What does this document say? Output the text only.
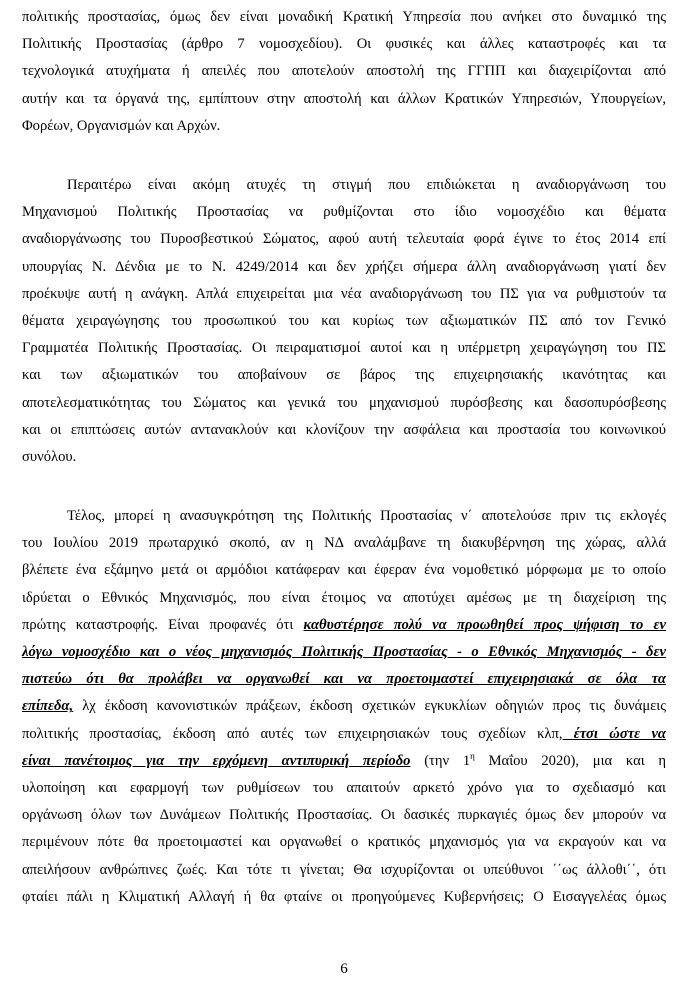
πολιτικής προστασίας, όμως δεν είναι μοναδική Κρατική Υπηρεσία που ανήκει στο δυναμικό της
Πολιτικής Προστασίας (άρθρο 7 νομοσχεδίου). Οι φυσικές και άλλες καταστροφές και τα
τεχνολογικά ατυχήματα ή απειλές που αποτελούν αποστολή της ΓΓΠΠ και διαχειρίζονται από
αυτήν και τα όργανά της, εμπίπτουν στην αποστολή και άλλων Κρατικών Υπηρεσιών, Υπουργείων,
Φορέων, Οργανισμών και Αρχών.
Περαιτέρω είναι ακόμη ατυχές τη στιγμή που επιδιώκεται η αναδιοργάνωση του
Μηχανισμού Πολιτικής Προστασίας να ρυθμίζονται στο ίδιο νομοσχέδιο και θέματα
αναδιοργάνωσης του Πυροσβεστικού Σώματος, αφού αυτή τελευταία φορά έγινε το έτος 2014 επί
υπουργίας Ν. Δένδια με το Ν. 4249/2014 και δεν χρήζει σήμερα άλλη αναδιοργάνωση γιατί δεν
προέκυψε αυτή η ανάγκη. Απλά επιχειρείται μια νέα αναδιοργάνωση του ΠΣ για να ρυθμιστούν τα
θέματα χειραγώγησης του προσωπικού του και κυρίως των αξιωματικών ΠΣ από τον Γενικό
Γραμματέα Πολιτικής Προστασίας. Οι πειραματισμοί αυτοί και η υπέρμετρη χειραγώγηση του ΠΣ
και των αξιωματικών του αποβαίνουν σε βάρος της επιχειρησιακής ικανότητας και
αποτελεσματικότητας του Σώματος και γενικά του μηχανισμού πυρόσβεσης και δασοπυρόσβεσης
και οι επιπτώσεις αυτών αντανακλούν και κλονίζουν την ασφάλεια και προστασία του κοινωνικού
συνόλου.
Τέλος, μπορεί η ανασυγκρότηση της Πολιτικής Προστασίας ν΄ αποτελούσε πριν τις εκλογές
του Ιουλίου 2019 πρωταρχικό σκοπό, αν η ΝΔ αναλάμβανε τη διακυβέρνηση της χώρας, αλλά
βλέπετε ένα εξάμηνο μετά οι αρμόδιοι κατάφεραν και έφεραν ένα νομοθετικό μόρφωμα με το οποίο
ιδρύεται ο Εθνικός Μηχανισμός, που είναι έτοιμος να αποτύχει αμέσως με τη διαχείριση της
πρώτης καταστροφής. Είναι προφανές ότι καθυστέρησε πολύ να προωθηθεί προς ψήφιση το εν
λόγω νομοσχέδιο και ο νέος μηχανισμός Πολιτικής Προστασίας - ο Εθνικός Μηχανισμός - δεν
πιστεύω ότι θα προλάβει να οργανωθεί και να προετοιμαστεί επιχειρησιακά σε όλα τα
επίπεδα, λχ έκδοση κανονιστικών πράξεων, έκδοση σχετικών εγκυκλίων οδηγιών προς τις δυνάμεις
πολιτικής προστασίας, έκδοση από αυτές των επιχειρησιακών τους σχεδίων κλπ, έτσι ώστε να
είναι πανέτοιμος για την ερχόμενη αντιπυρική περίοδο (την $1^\eta$ Μαΐου 2020), μια και η
υλοποίηση και εφαρμογή των ρυθμίσεων του απαιτούν αρκετό χρόνο για το σχεδιασμό και
οργάνωση όλων των Δυνάμεων Πολιτικής Προστασίας. Οι δασικές πυρκαγιές όμως δεν μπορούν να
περιμένουν πότε θα προετοιμαστεί και οργανωθεί ο κρατικός μηχανισμός για να εκραγούν και να
απειλήσουν ανθρώπινες ζωές. Και τότε τι γίνεται; Θα ισχυρίζονται οι υπεύθυνοι ΄΄ως άλλοθι΄΄, ότι
φταίει πάλι η Κλιματική Αλλαγή ή θα φταίνε οι προηγούμενες Κυβερνήσεις; Ο Εισαγγελέας όμως
6
